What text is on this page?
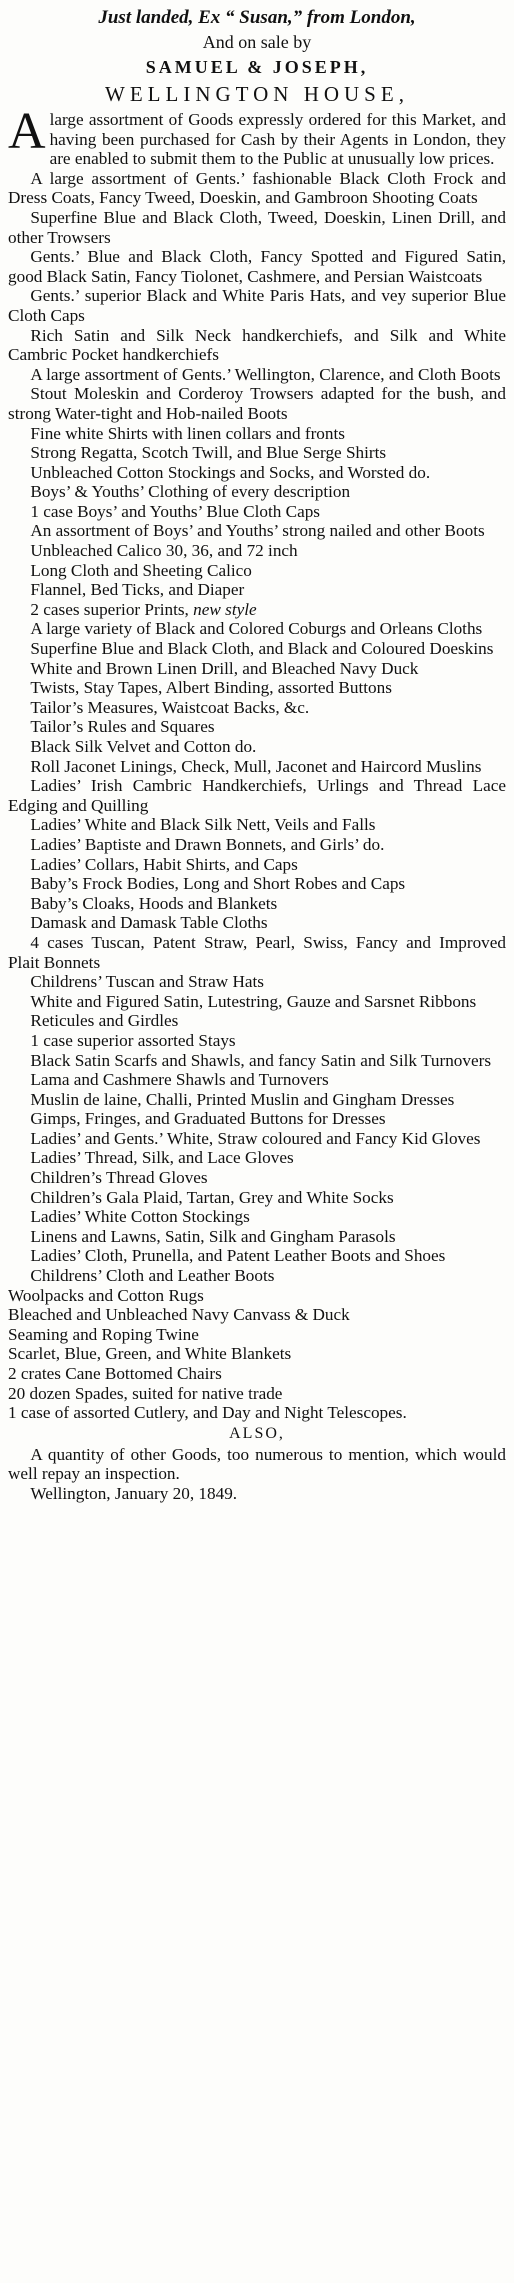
Just landed, Ex “ Susan,” from London,
And on sale by
SAMUEL & JOSEPH,
WELLINGTON HOUSE,
A large assortment of Goods expressly ordered for this Market, and having been purchased for Cash by their Agents in London, they are enabled to submit them to the Public at unusually low prices.
A large assortment of Gents.’ fashionable Black Cloth Frock and Dress Coats, Fancy Tweed, Doeskin, and Gambroon Shooting Coats
Superfine Blue and Black Cloth, Tweed, Doeskin, Linen Drill, and other Trowsers
Gents.’ Blue and Black Cloth, Fancy Spotted and Figured Satin, good Black Satin, Fancy Tiolonet, Cashmere, and Persian Waistcoats
Gents.’ superior Black and White Paris Hats, and vey superior Blue Cloth Caps
Rich Satin and Silk Neck handkerchiefs, and Silk and White Cambric Pocket handkerchiefs
A large assortment of Gents.’ Wellington, Clarence, and Cloth Boots
Stout Moleskin and Corderoy Trowsers adapted for the bush, and strong Water-tight and Hob-nailed Boots
Fine white Shirts with linen collars and fronts
Strong Regatta, Scotch Twill, and Blue Serge Shirts
Unbleached Cotton Stockings and Socks, and Worsted do.
Boys’ & Youths’ Clothing of every description
1 case Boys’ and Youths’ Blue Cloth Caps
An assortment of Boys’ and Youths’ strong nailed and other Boots
Unbleached Calico 30, 36, and 72 inch
Long Cloth and Sheeting Calico
Flannel, Bed Ticks, and Diaper
2 cases superior Prints, new style
A large variety of Black and Colored Coburgs and Orleans Cloths
Superfine Blue and Black Cloth, and Black and Coloured Doeskins
White and Brown Linen Drill, and Bleached Navy Duck
Twists, Stay Tapes, Albert Binding, assorted Buttons
Tailor’s Measures, Waistcoat Backs, &c.
Tailor’s Rules and Squares
Black Silk Velvet and Cotton do.
Roll Jaconet Linings, Check, Mull, Jaconet and Haircord Muslins
Ladies’ Irish Cambric Handkerchiefs, Urlings and Thread Lace Edging and Quilling
Ladies’ White and Black Silk Nett, Veils and Falls
Ladies’ Baptiste and Drawn Bonnets, and Girls’ do.
Ladies’ Collars, Habit Shirts, and Caps
Baby’s Frock Bodies, Long and Short Robes and Caps
Baby’s Cloaks, Hoods and Blankets
Damask and Damask Table Cloths
4 cases Tuscan, Patent Straw, Pearl, Swiss, Fancy and Improved Plait Bonnets
Childrens’ Tuscan and Straw Hats
White and Figured Satin, Lutestring, Gauze and Sarsnet Ribbons
Reticules and Girdles
1 case superior assorted Stays
Black Satin Scarfs and Shawls, and fancy Satin and Silk Turnovers
Lama and Cashmere Shawls and Turnovers
Muslin de laine, Challi, Printed Muslin and Gingham Dresses
Gimps, Fringes, and Graduated Buttons for Dresses
Ladies’ and Gents.’ White, Straw coloured and Fancy Kid Gloves
Ladies’ Thread, Silk, and Lace Gloves
Children’s Thread Gloves
Children’s Gala Plaid, Tartan, Grey and White Socks
Ladies’ White Cotton Stockings
Linens and Lawns, Satin, Silk and Gingham Parasols
Ladies’ Cloth, Prunella, and Patent Leather Boots and Shoes
Childrens’ Cloth and Leather Boots
Woolpacks and Cotton Rugs
Bleached and Unbleached Navy Canvass & Duck
Seaming and Roping Twine
Scarlet, Blue, Green, and White Blankets
2 crates Cane Bottomed Chairs
20 dozen Spades, suited for native trade
1 case of assorted Cutlery, and Day and Night Telescopes.
ALSO,
A quantity of other Goods, too numerous to mention, which would well repay an inspection.
Wellington, January 20, 1849.
